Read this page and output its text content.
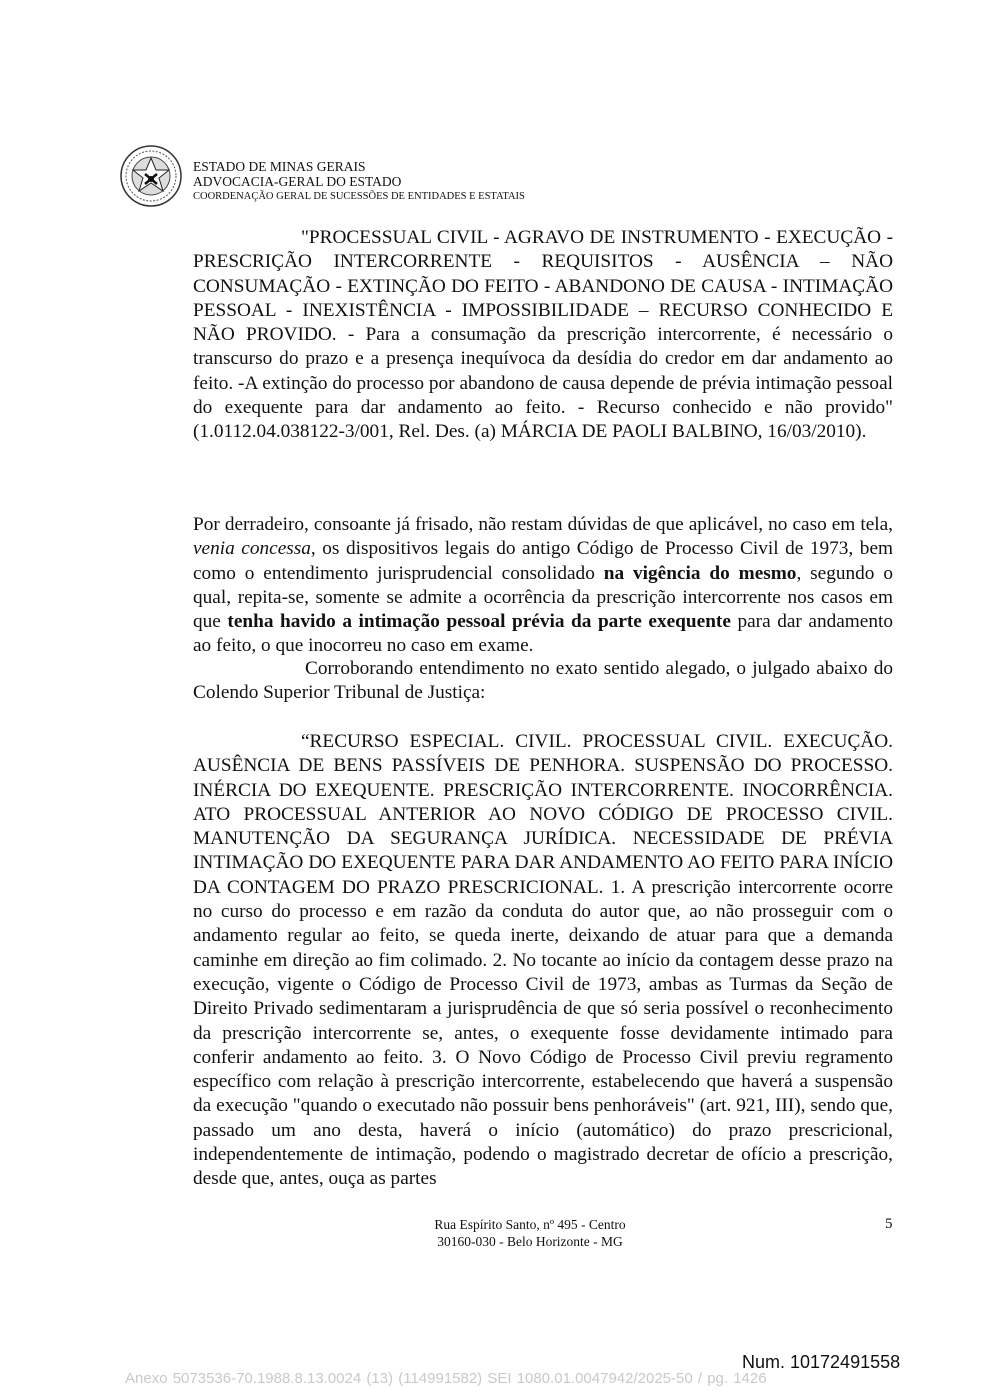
ESTADO DE MINAS GERAIS
ADVOCACIA-GERAL DO ESTADO
COORDENAÇÃO GERAL DE SUCESSÕES DE ENTIDADES E ESTATAIS
"PROCESSUAL CIVIL - AGRAVO DE INSTRUMENTO - EXECUÇÃO - PRESCRIÇÃO INTERCORRENTE - REQUISITOS - AUSÊNCIA – NÃO CONSUMAÇÃO - EXTINÇÃO DO FEITO - ABANDONO DE CAUSA - INTIMAÇÃO PESSOAL - INEXISTÊNCIA - IMPOSSIBILIDADE – RECURSO CONHECIDO E NÃO PROVIDO. - Para a consumação da prescrição intercorrente, é necessário o transcurso do prazo e a presença inequívoca da desídia do credor em dar andamento ao feito. -A extinção do processo por abandono de causa depende de prévia intimação pessoal do exequente para dar andamento ao feito. - Recurso conhecido e não provido" (1.0112.04.038122-3/001, Rel. Des. (a) MÁRCIA DE PAOLI BALBINO, 16/03/2010).
Por derradeiro, consoante já frisado, não restam dúvidas de que aplicável, no caso em tela, venia concessa, os dispositivos legais do antigo Código de Processo Civil de 1973, bem como o entendimento jurisprudencial consolidado na vigência do mesmo, segundo o qual, repita-se, somente se admite a ocorrência da prescrição intercorrente nos casos em que tenha havido a intimação pessoal prévia da parte exequente para dar andamento ao feito, o que inocorreu no caso em exame.
Corroborando entendimento no exato sentido alegado, o julgado abaixo do Colendo Superior Tribunal de Justiça:
“RECURSO ESPECIAL. CIVIL. PROCESSUAL CIVIL. EXECUÇÃO. AUSÊNCIA DE BENS PASSÍVEIS DE PENHORA. SUSPENSÃO DO PROCESSO. INÉRCIA DO EXEQUENTE. PRESCRIÇÃO INTERCORRENTE. INOCORRÊNCIA. ATO PROCESSUAL ANTERIOR AO NOVO CÓDIGO DE PROCESSO CIVIL. MANUTENÇÃO DA SEGURANÇA JURÍDICA. NECESSIDADE DE PRÉVIA INTIMAÇÃO DO EXEQUENTE PARA DAR ANDAMENTO AO FEITO PARA INÍCIO DA CONTAGEM DO PRAZO PRESCRICIONAL. 1. A prescrição intercorrente ocorre no curso do processo e em razão da conduta do autor que, ao não prosseguir com o andamento regular ao feito, se queda inerte, deixando de atuar para que a demanda caminhe em direção ao fim colimado. 2. No tocante ao início da contagem desse prazo na execução, vigente o Código de Processo Civil de 1973, ambas as Turmas da Seção de Direito Privado sedimentaram a jurisprudência de que só seria possível o reconhecimento da prescrição intercorrente se, antes, o exequente fosse devidamente intimado para conferir andamento ao feito. 3. O Novo Código de Processo Civil previu regramento específico com relação à prescrição intercorrente, estabelecendo que haverá a suspensão da execução "quando o executado não possuir bens penhoráveis" (art. 921, III), sendo que, passado um ano desta, haverá o início (automático) do prazo prescricional, independentemente de intimação, podendo o magistrado decretar de ofício a prescrição, desde que, antes, ouça as partes
Rua Espírito Santo, nº 495 - Centro
30160-030 - Belo Horizonte - MG
5
Num. 10172491558
Anexo 5073536-70.1988.8.13.0024 (13) (114991582) SEI 1080.01.0047942/2025-50 / pg. 1426
